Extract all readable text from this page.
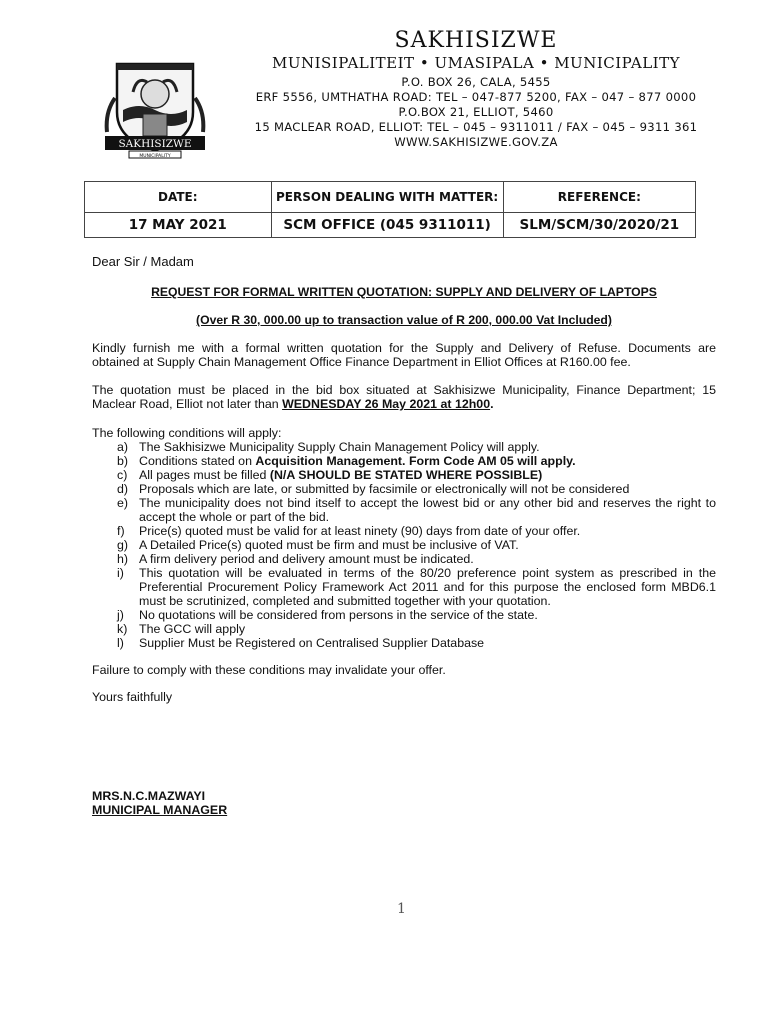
SAKHISIZWE
MUNICIPALITY
SAKHISIZWE
MUNISIPALITEIT • UMASIPALA • MUNICIPALITY
P.O. BOX 26, CALA, 5455
ERF 5556, UMTHATHA ROAD: TEL – 047-877 5200, FAX – 047 – 877 0000
P.O.BOX 21, ELLIOT, 5460
15 MACLEAR ROAD, ELLIOT: TEL – 045 – 9311011 / FAX – 045 – 9311 361
WWW.SAKHISIZWE.GOV.ZA
DATE:	PERSON DEALING WITH MATTER:	REFERENCE:
17 MAY 2021	SCM OFFICE (045 9311011)	SLM/SCM/30/2020/21
Dear Sir / Madam
REQUEST FOR FORMAL WRITTEN QUOTATION: SUPPLY AND DELIVERY OF LAPTOPS
(Over R 30, 000.00 up to transaction value of R 200, 000.00 Vat Included)
Kindly furnish me with a formal written quotation for the Supply and Delivery of Refuse. Documents are
obtained at Supply Chain Management Office Finance Department in Elliot Offices at R160.00 fee.
The quotation must be placed in the bid box situated at Sakhisizwe Municipality, Finance Department; 15
Maclear Road, Elliot not later than WEDNESDAY 26 May 2021 at 12h00.
The following conditions will apply:
a) The Sakhisizwe Municipality Supply Chain Management Policy will apply.
b) Conditions stated on Acquisition Management. Form Code AM 05 will apply.
c) All pages must be filled (N/A SHOULD BE STATED WHERE POSSIBLE)
d) Proposals which are late, or submitted by facsimile or electronically will not be considered
e) The municipality does not bind itself to accept the lowest bid or any other bid and reserves the right to accept the whole or part of the bid.
f)	Price(s) quoted must be valid for at least ninety (90) days from date of your offer.
g) A Detailed Price(s) quoted must be firm and must be inclusive of VAT.
h) A firm delivery period and delivery amount must be indicated.
i)	This quotation will be evaluated in terms of the 80/20 preference point system as prescribed in the Preferential Procurement Policy Framework Act 2011 and for this purpose the enclosed form MBD6.1 must be scrutinized, completed and submitted together with your quotation.
j)	No quotations will be considered from persons in the service of the state.
k) The GCC will apply
l)	Supplier Must be Registered on Centralised Supplier Database
Failure to comply with these conditions may invalidate your offer.
Yours faithfully
MRS.N.C.MAZWAYI
MUNICIPAL MANAGER
1
